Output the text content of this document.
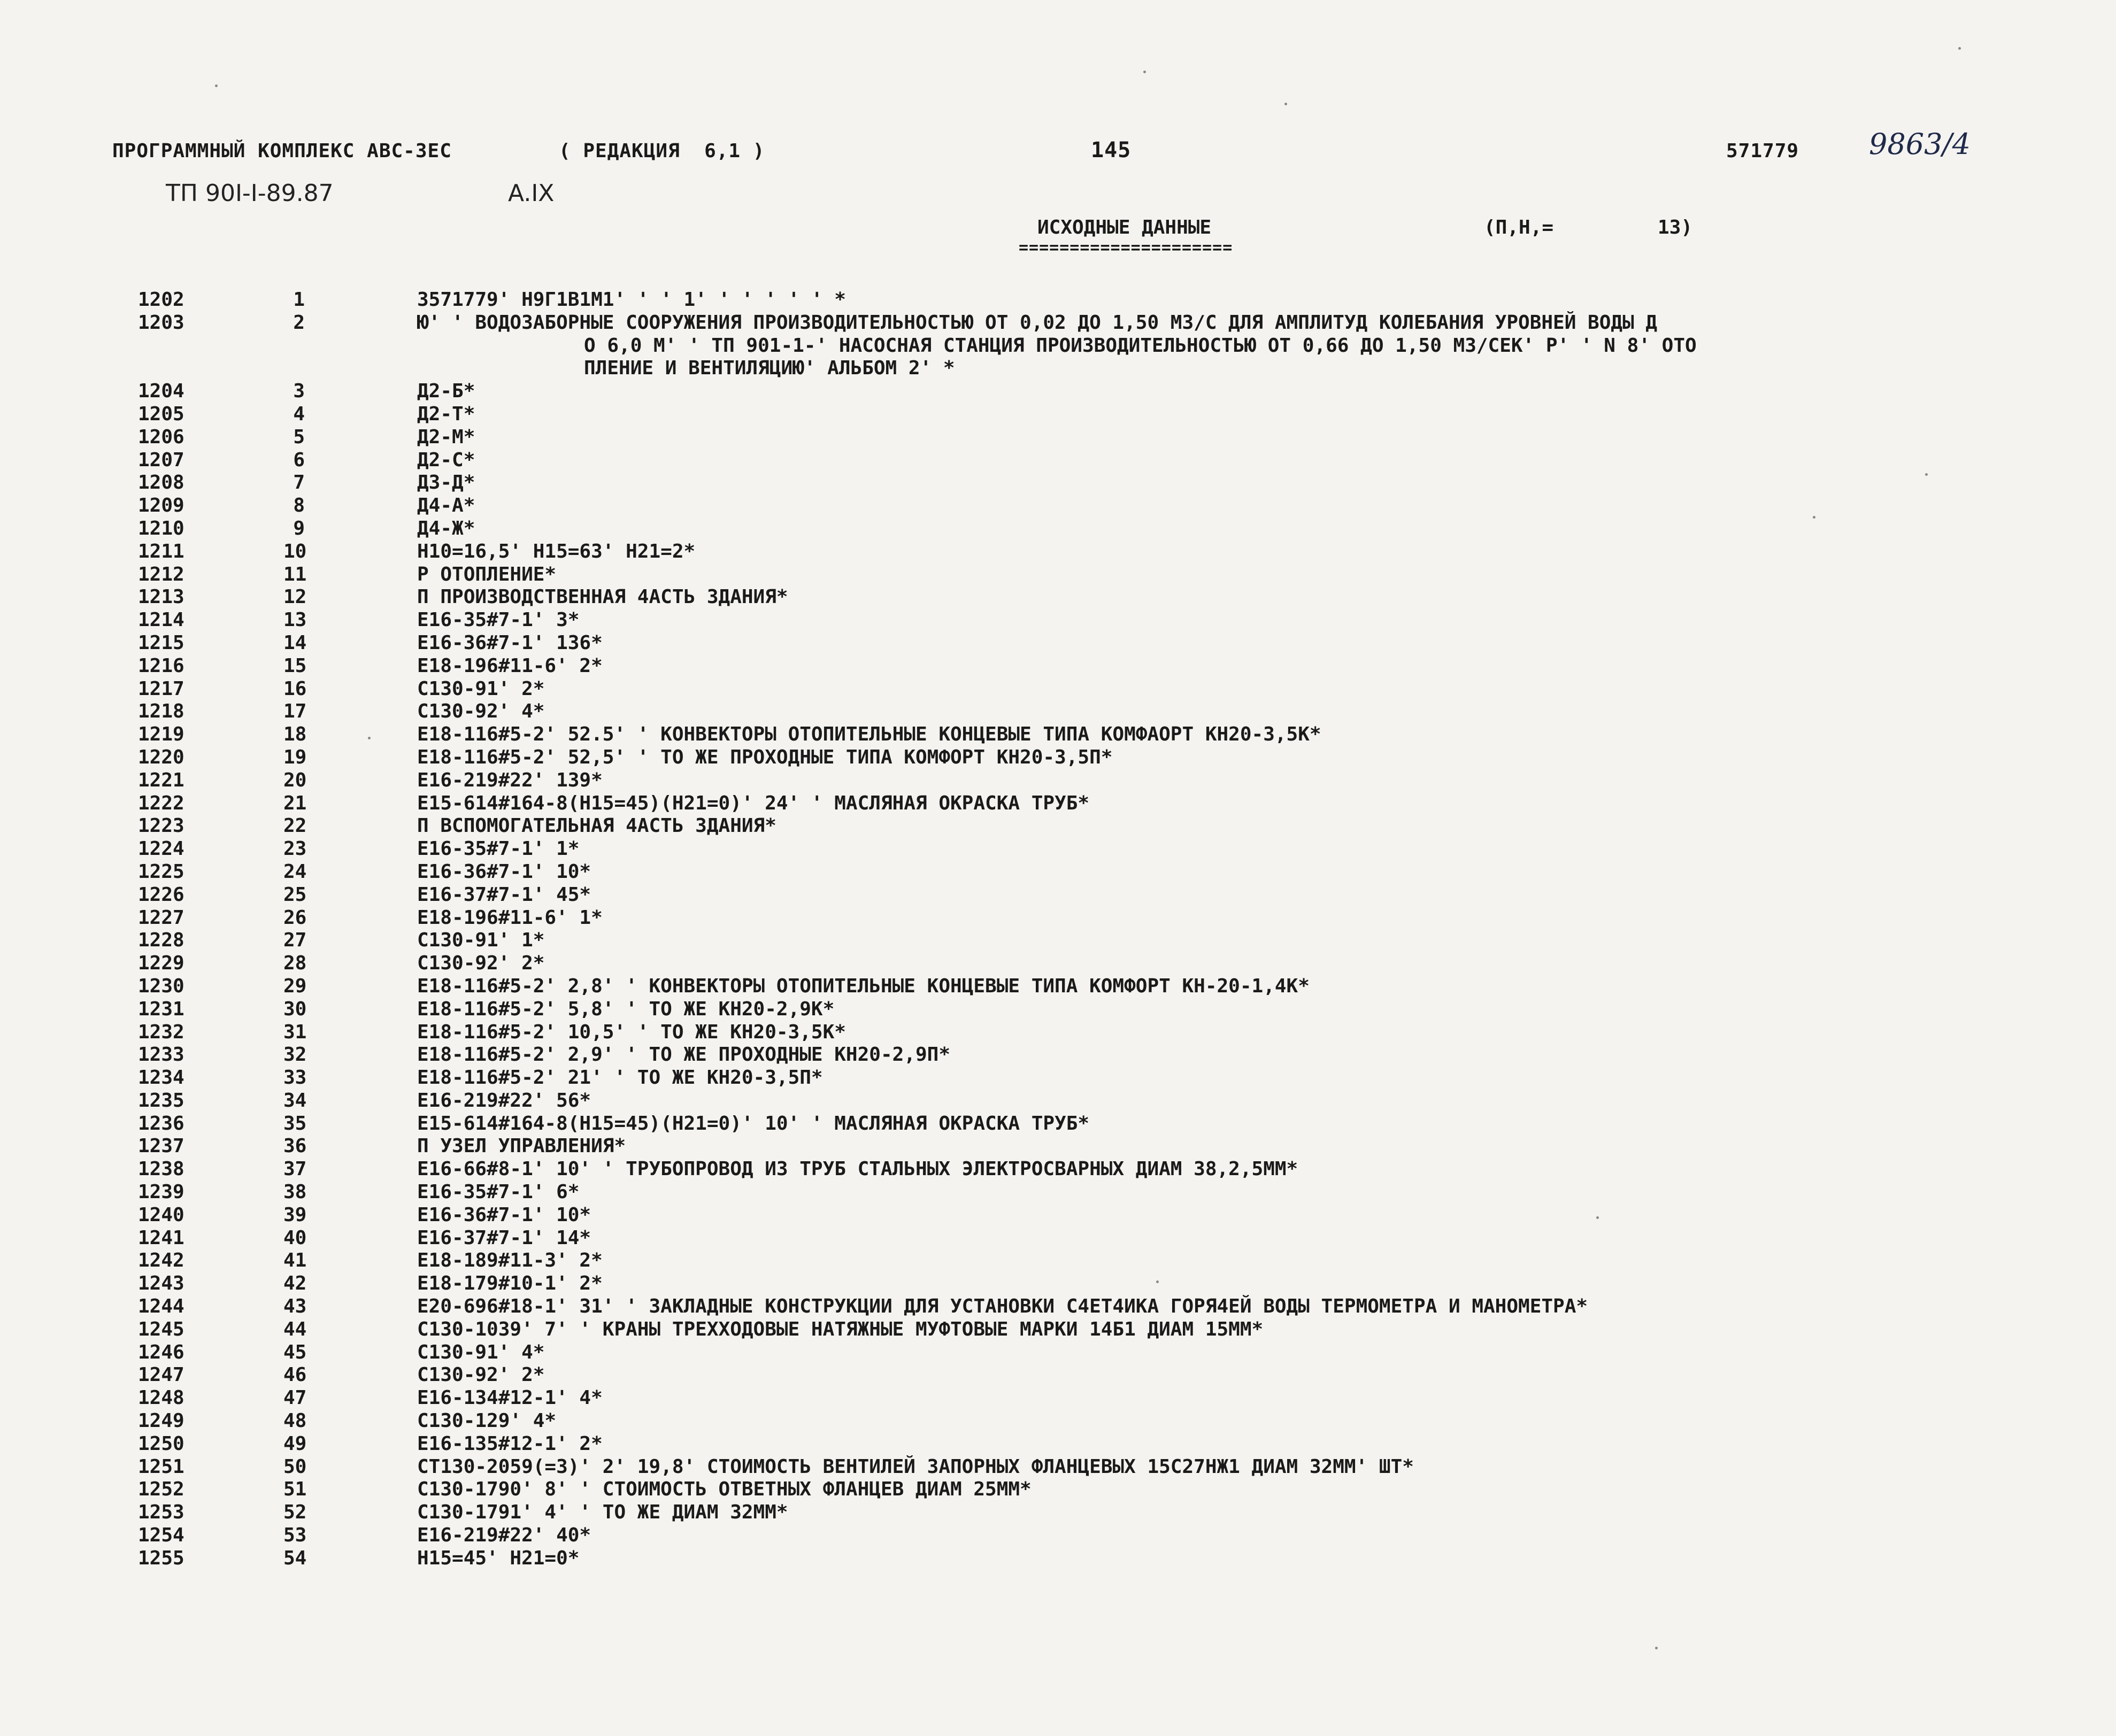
ПРОГРАММНЫЙ КОМПЛЕКС АВС-3ЕС	( РЕДАКЦИЯ  6,1 )	145	571779 9863/4
ТП 90I-I-89.87	A.IX
ИСХОДНЫЕ ДАННЫЕ
=====================
(П,Н,=	13)
1202	1	3571779' Н9Г1В1М1' ' ' 1' ' ' ' ' ' *
1203	2	Ю' ' ВОДОЗАБОРНЫЕ СООРУЖЕНИЯ ПРОИЗВОДИТЕЛЬНОСТЬЮ ОТ 0,02 ДО 1,50 М3/С ДЛЯ АМПЛИТУД КОЛЕБАНИЯ УРОВНЕЙ ВОДЫ Д
О 6,0 М' ' ТП 901-1-' НАСОСНАЯ СТАНЦИЯ ПРОИЗВОДИТЕЛЬНОСТЬЮ ОТ 0,66 ДО 1,50 М3/СЕК' Р' ' N 8' ОТО
ПЛЕНИЕ И ВЕНТИЛЯЦИЮ' АЛЬБОМ 2' *
1204	3	Д2-Б*
1205	4	Д2-Т*
1206	5	Д2-М*
1207	6	Д2-С*
1208	7	Д3-Д*
1209	8	Д4-А*
1210	9	Д4-Ж*
1211	10	Н10=16,5' Н15=63' Н21=2*
1212	11	Р ОТОПЛЕНИЕ*
1213	12	П ПРОИЗВОДСТВЕННАЯ 4АСТЬ ЗДАНИЯ*
1214	13	Е16-35#7-1' 3*
1215	14	Е16-36#7-1' 136*
1216	15	Е18-196#11-6' 2*
1217	16	С130-91' 2*
1218	17	С130-92' 4*
1219	18	Е18-116#5-2' 52.5' ' КОНВЕКТОРЫ ОТОПИТЕЛЬНЫЕ КОНЦЕВЫЕ ТИПА КОМФАОРТ КН20-3,5К*
1220	19	Е18-116#5-2' 52,5' ' ТО ЖЕ ПРОХОДНЫЕ ТИПА КОМФОРТ КН20-3,5П*
1221	20	Е16-219#22' 139*
1222	21	Е15-614#164-8(Н15=45)(Н21=0)' 24' ' МАСЛЯНАЯ ОКРАСКА ТРУБ*
1223	22	П ВСПОМОГАТЕЛЬНАЯ 4АСТЬ ЗДАНИЯ*
1224	23	Е16-35#7-1' 1*
1225	24	Е16-36#7-1' 10*
1226	25	Е16-37#7-1' 45*
1227	26	Е18-196#11-6' 1*
1228	27	С130-91' 1*
1229	28	С130-92' 2*
1230	29	Е18-116#5-2' 2,8' ' КОНВЕКТОРЫ ОТОПИТЕЛЬНЫЕ КОНЦЕВЫЕ ТИПА КОМФОРТ КН-20-1,4К*
1231	30	Е18-116#5-2' 5,8' ' ТО ЖЕ КН20-2,9К*
1232	31	Е18-116#5-2' 10,5' ' ТО ЖЕ КН20-3,5К*
1233	32	Е18-116#5-2' 2,9' ' ТО ЖЕ ПРОХОДНЫЕ КН20-2,9П*
1234	33	Е18-116#5-2' 21' ' ТО ЖЕ КН20-3,5П*
1235	34	Е16-219#22' 56*
1236	35	Е15-614#164-8(Н15=45)(Н21=0)' 10' ' МАСЛЯНАЯ ОКРАСКА ТРУБ*
1237	36	П УЗЕЛ УПРАВЛЕНИЯ*
1238	37	Е16-66#8-1' 10' ' ТРУБОПРОВОД ИЗ ТРУБ СТАЛЬНЫХ ЭЛЕКТРОСВАРНЫХ ДИАМ 38,2,5ММ*
1239	38	Е16-35#7-1' 6*
1240	39	Е16-36#7-1' 10*
1241	40	Е16-37#7-1' 14*
1242	41	Е18-189#11-3' 2*
1243	42	Е18-179#10-1' 2*
1244	43	Е20-696#18-1' 31' ' ЗАКЛАДНЫЕ КОНСТРУКЦИИ ДЛЯ УСТАНОВКИ С4ЕТ4ИКА ГОРЯ4ЕЙ ВОДЫ ТЕРМОМЕТРА И МАНОМЕТРА*
1245	44	С130-1039' 7' ' КРАНЫ ТРЕХХОДОВЫЕ НАТЯЖНЫЕ МУФТОВЫЕ МАРКИ 14Б1 ДИАМ 15ММ*
1246	45	С130-91' 4*
1247	46	С130-92' 2*
1248	47	Е16-134#12-1' 4*
1249	48	С130-129' 4*
1250	49	Е16-135#12-1' 2*
1251	50	СТ130-2059(=3)' 2' 19,8' СТОИМОСТЬ ВЕНТИЛЕЙ ЗАПОРНЫХ ФЛАНЦЕВЫХ 15С27НЖ1 ДИАМ 32ММ' ШТ*
1252	51	С130-1790' 8' ' СТОИМОСТЬ ОТВЕТНЫХ ФЛАНЦЕВ ДИАМ 25ММ*
1253	52	С130-1791' 4' ' ТО ЖЕ ДИАМ 32ММ*
1254	53	Е16-219#22' 40*
1255	54	Н15=45' Н21=0*
